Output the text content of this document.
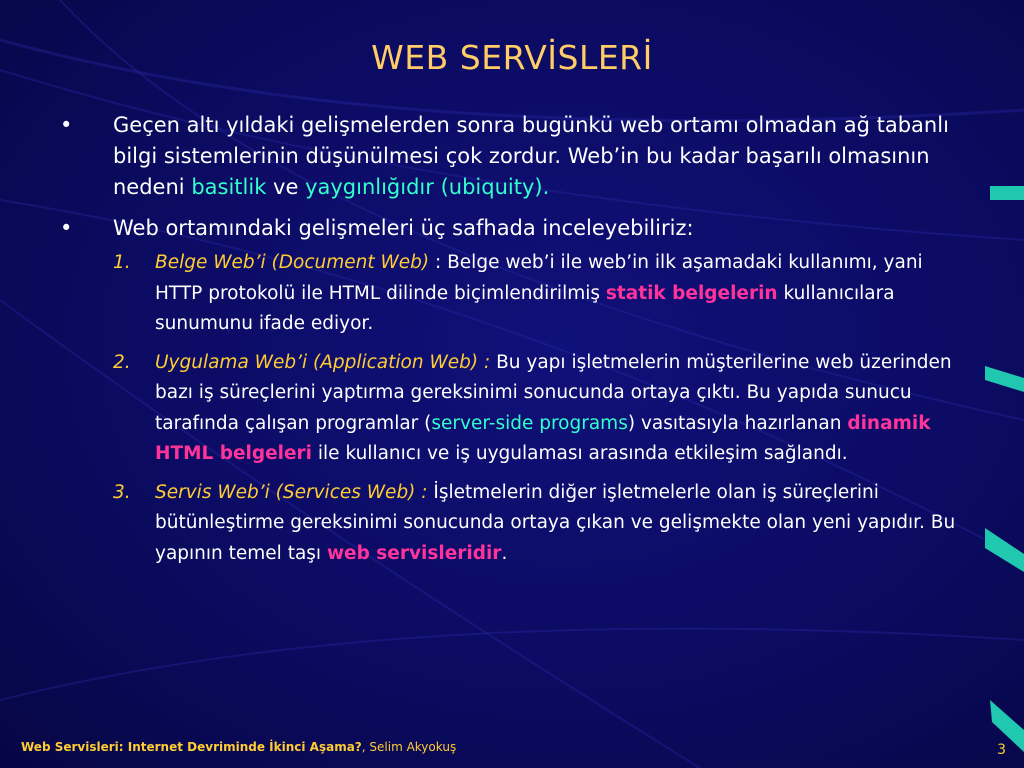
WEB SERVİSLERİ
• Geçen altı yıldaki gelişmelerden sonra bugünkü web ortamı olmadan ağ tabanlı bilgi sistemlerinin düşünülmesi çok zordur. Web’in bu kadar başarılı olmasının nedeni basitlik ve yaygınlığıdır (ubiquity).
• Web ortamındaki gelişmeleri üç safhada inceleyebiliriz:
1. Belge Web’i (Document Web) : Belge web’i ile web’in ilk aşamadaki kullanımı, yani HTTP protokolü ile HTML dilinde biçimlendirilmiş statik belgelerin kullanıcılara sunumunu ifade ediyor.
2. Uygulama Web’i (Application Web) : Bu yapı işletmelerin müşterilerine web üzerinden bazı iş süreçlerini yaptırma gereksinimi sonucunda ortaya çıktı. Bu yapıda sunucu tarafında çalışan programlar (server-side programs) vasıtasıyla hazırlanan dinamik HTML belgeleri ile kullanıcı ve iş uygulaması arasında etkileşim sağlandı.
3. Servis Web’i (Services Web) : İşletmelerin diğer işletmelerle olan iş süreçlerini bütünleştirme gereksinimi sonucunda ortaya çıkan ve gelişmekte olan yeni yapıdır. Bu yapının temel taşı web servisleridir.
Web Servisleri: Internet Devriminde İkinci Aşama?, Selim Akyokuş	3
